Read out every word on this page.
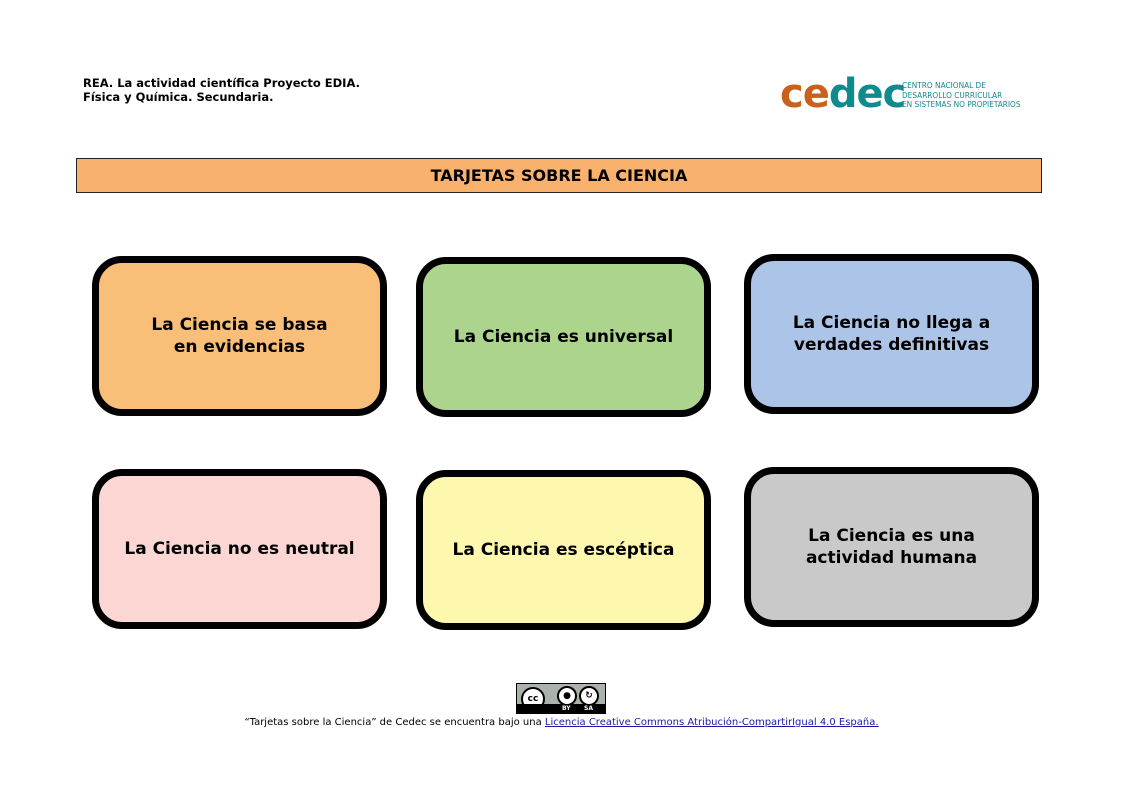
REA. La actividad científica Proyecto EDIA.
Física y Química. Secundaria.	cedec
CENTRO NACIONAL DE
DESARROLLO CURRICULAR
EN SISTEMAS NO PROPIETARIOS
TARJETAS SOBRE LA CIENCIA
La Ciencia se basa
en evidencias	La Ciencia es universal
La Ciencia no llega a
verdades definitivas
La Ciencia no es neutral	La Ciencia es escéptica
La Ciencia es una
actividad humana
cc	●	↻
BY SA
“Tarjetas sobre la Ciencia” de Cedec se encuentra bajo una Licencia Creative Commons Atribución-CompartirIgual 4.0 España.
